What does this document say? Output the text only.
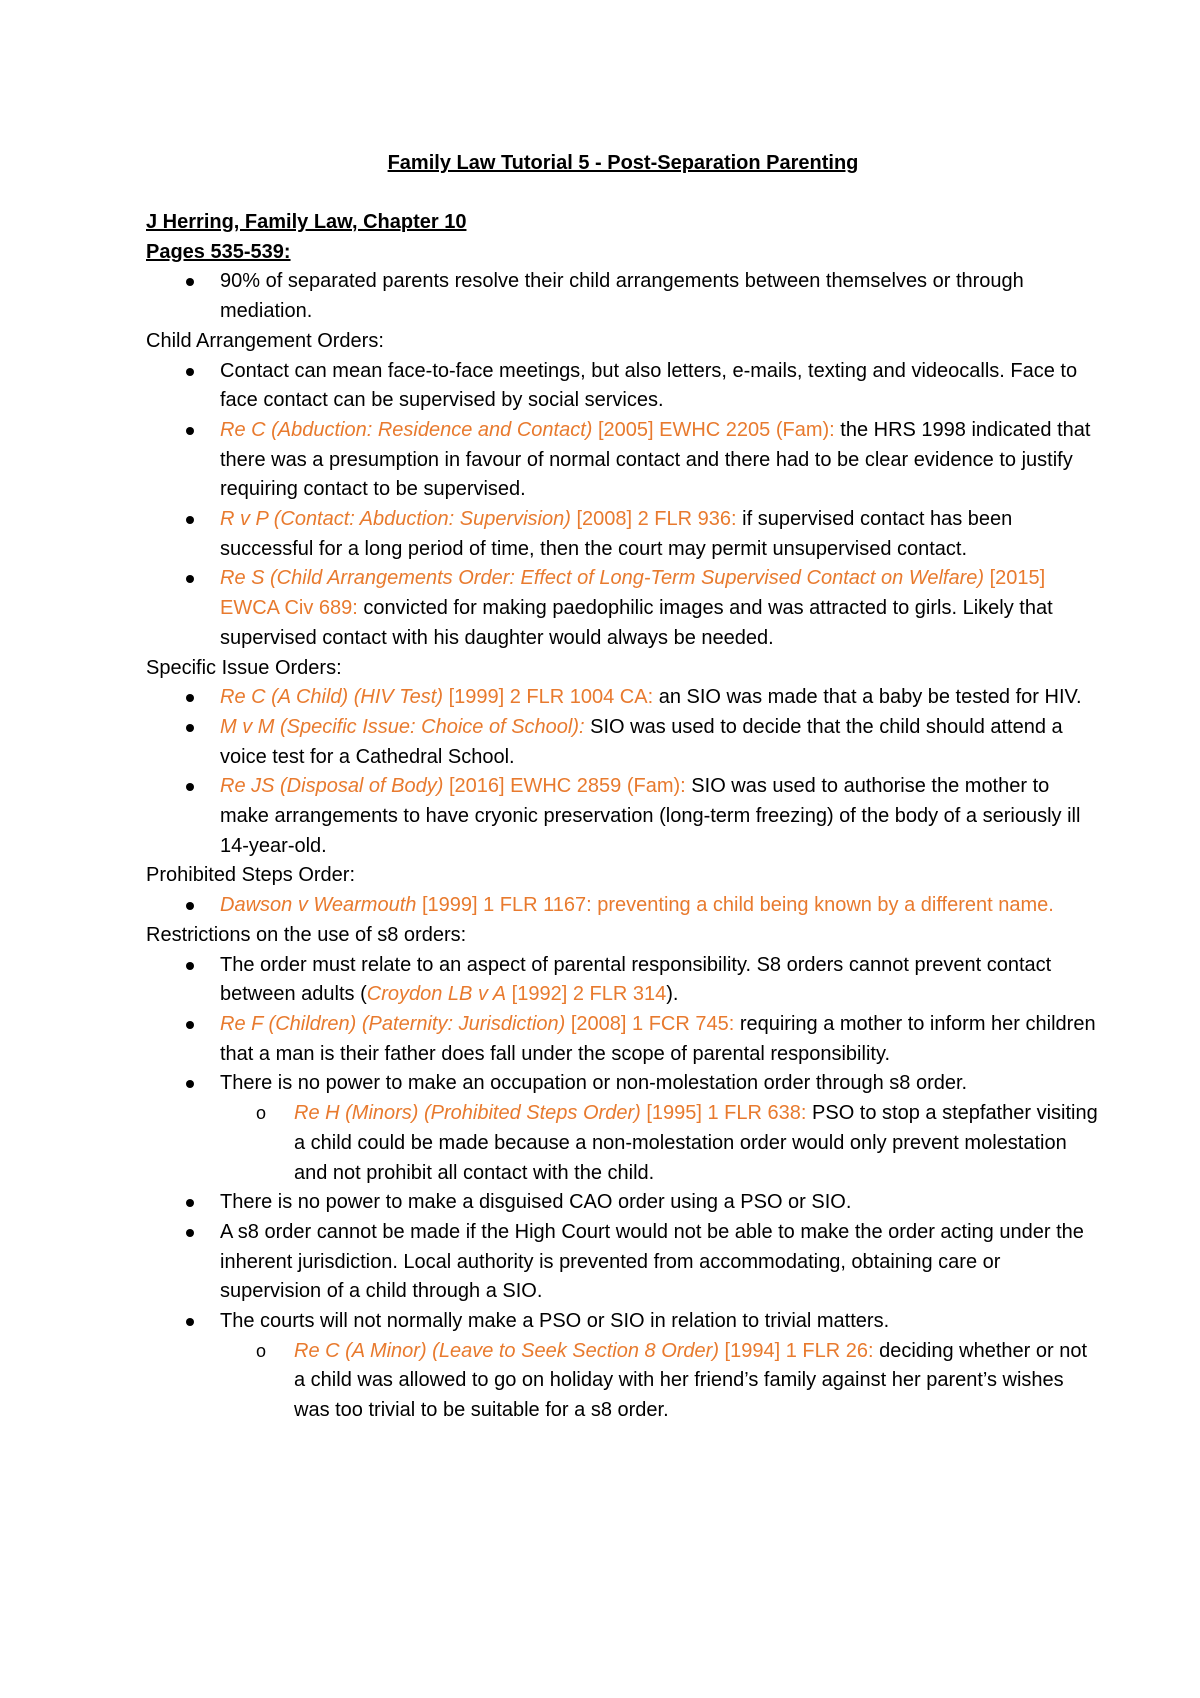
Family Law Tutorial 5 - Post-Separation Parenting
J Herring, Family Law, Chapter 10
Pages 535-539:
90% of separated parents resolve their child arrangements between themselves or through mediation.
Child Arrangement Orders:
Contact can mean face-to-face meetings, but also letters, e-mails, texting and videocalls. Face to face contact can be supervised by social services.
Re C (Abduction: Residence and Contact) [2005] EWHC 2205 (Fam): the HRS 1998 indicated that there was a presumption in favour of normal contact and there had to be clear evidence to justify requiring contact to be supervised.
R v P (Contact: Abduction: Supervision) [2008] 2 FLR 936: if supervised contact has been successful for a long period of time, then the court may permit unsupervised contact.
Re S (Child Arrangements Order: Effect of Long-Term Supervised Contact on Welfare) [2015] EWCA Civ 689: convicted for making paedophilic images and was attracted to girls. Likely that supervised contact with his daughter would always be needed.
Specific Issue Orders:
Re C (A Child) (HIV Test) [1999] 2 FLR 1004 CA: an SIO was made that a baby be tested for HIV.
M v M (Specific Issue: Choice of School): SIO was used to decide that the child should attend a voice test for a Cathedral School.
Re JS (Disposal of Body) [2016] EWHC 2859 (Fam): SIO was used to authorise the mother to make arrangements to have cryonic preservation (long-term freezing) of the body of a seriously ill 14-year-old.
Prohibited Steps Order:
Dawson v Wearmouth [1999] 1 FLR 1167: preventing a child being known by a different name.
Restrictions on the use of s8 orders:
The order must relate to an aspect of parental responsibility. S8 orders cannot prevent contact between adults (Croydon LB v A [1992] 2 FLR 314).
Re F (Children) (Paternity: Jurisdiction) [2008] 1 FCR 745: requiring a mother to inform her children that a man is their father does fall under the scope of parental responsibility.
There is no power to make an occupation or non-molestation order through s8 order.
o Re H (Minors) (Prohibited Steps Order) [1995] 1 FLR 638: PSO to stop a stepfather visiting a child could be made because a non-molestation order would only prevent molestation and not prohibit all contact with the child.
There is no power to make a disguised CAO order using a PSO or SIO.
A s8 order cannot be made if the High Court would not be able to make the order acting under the inherent jurisdiction. Local authority is prevented from accommodating, obtaining care or supervision of a child through a SIO.
The courts will not normally make a PSO or SIO in relation to trivial matters.
o Re C (A Minor) (Leave to Seek Section 8 Order) [1994] 1 FLR 26: deciding whether or not a child was allowed to go on holiday with her friend’s family against her parent’s wishes was too trivial to be suitable for a s8 order.
